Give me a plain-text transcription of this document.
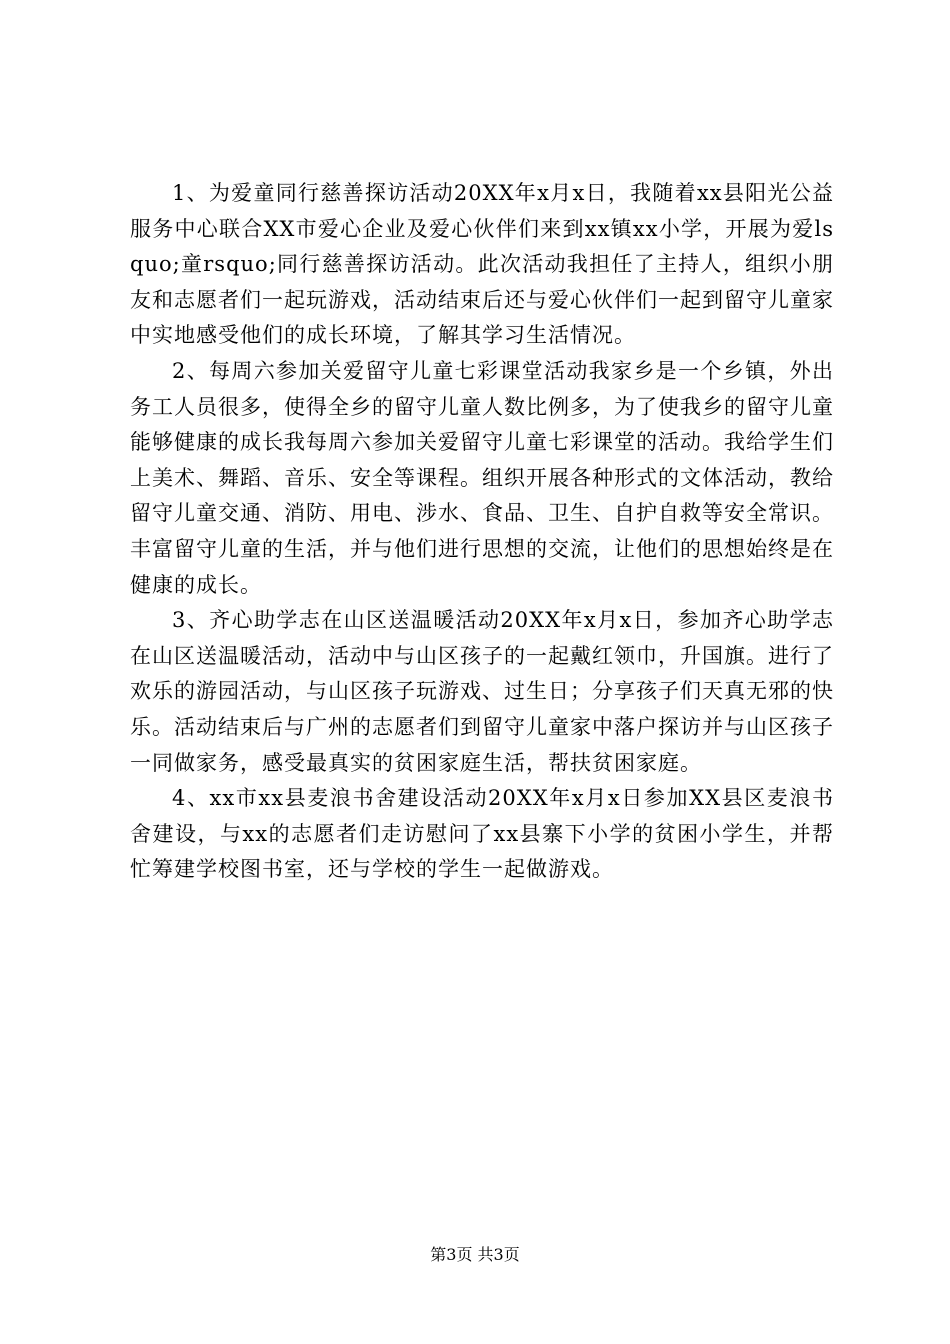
1、为爱童同行慈善探访活动20XX年x月x日，我随着xx县阳光公益服务中心联合XX市爱心企业及爱心伙伴们来到xx镇xx小学，开展为爱lsquo;童rsquo;同行慈善探访活动。此次活动我担任了主持人，组织小朋友和志愿者们一起玩游戏，活动结束后还与爱心伙伴们一起到留守儿童家中实地感受他们的成长环境，了解其学习生活情况。

2、每周六参加关爱留守儿童七彩课堂活动我家乡是一个乡镇，外出务工人员很多，使得全乡的留守儿童人数比例多，为了使我乡的留守儿童能够健康的成长我每周六参加关爱留守儿童七彩课堂的活动。我给学生们上美术、舞蹈、音乐、安全等课程。组织开展各种形式的文体活动，教给留守儿童交通、消防、用电、涉水、食品、卫生、自护自救等安全常识。丰富留守儿童的生活，并与他们进行思想的交流，让他们的思想始终是在健康的成长。

3、齐心助学志在山区送温暖活动20XX年x月x日，参加齐心助学志在山区送温暖活动，活动中与山区孩子的一起戴红领巾，升国旗。进行了欢乐的游园活动，与山区孩子玩游戏、过生日；分享孩子们天真无邪的快乐。活动结束后与广州的志愿者们到留守儿童家中落户探访并与山区孩子一同做家务，感受最真实的贫困家庭生活，帮扶贫困家庭。

4、xx市xx县麦浪书舍建设活动20XX年x月x日参加XX县区麦浪书舍建设，与xx的志愿者们走访慰问了xx县寨下小学的贫困小学生，并帮忙筹建学校图书室，还与学校的学生一起做游戏。

第3页 共3页
